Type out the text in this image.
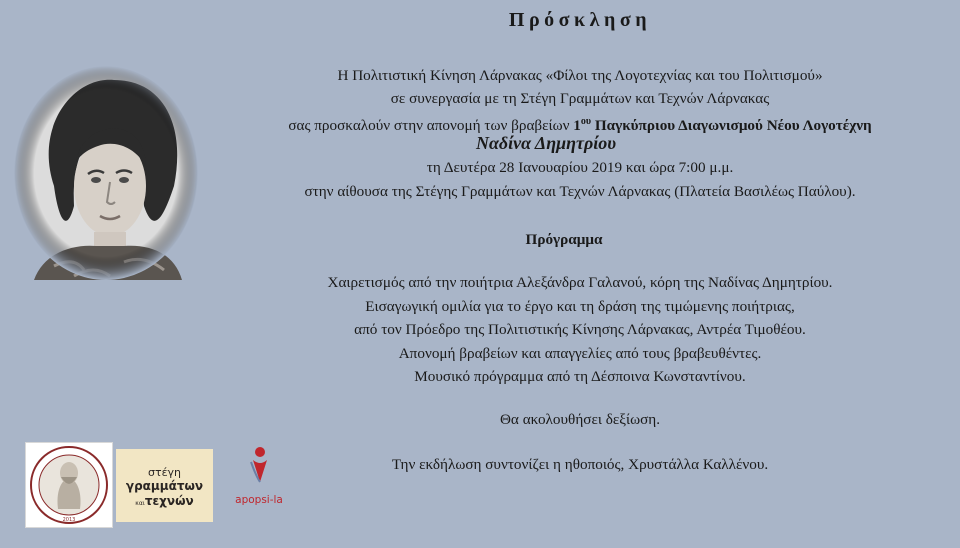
Πρόσκληση
Η Πολιτιστική Κίνηση Λάρνακας «Φίλοι της Λογοτεχνίας και του Πολιτισμού»
σε συνεργασία με τη Στέγη Γραμμάτων και Τεχνών Λάρνακας
σας προσκαλούν στην απονομή των βραβείων $1^{o\upsilon}$ Παγκύπριου Διαγωνισμού Νέου Λογοτέχνη
Ναδίνα Δημητρίου
τη Δευτέρα 28 Ιανουαρίου 2019 και ώρα 7:00 μ.μ.
στην αίθουσα της Στέγης Γραμμάτων και Τεχνών Λάρνακας (Πλατεία Βασιλέως Παύλου).
Πρόγραμμα
Χαιρετισμός από την ποιήτρια Αλεξάνδρα Γαλανού, κόρη της Ναδίνας Δημητρίου.
Εισαγωγική ομιλία για το έργο και τη δράση της τιμώμενης ποιήτριας,
από τον Πρόεδρο της Πολιτιστικής Κίνησης Λάρνακας, Αντρέα Τιμοθέου.
Απονομή βραβείων και απαγγελίες από τους βραβευθέντες.
Μουσικό πρόγραμμα από τη Δέσποινα Κωνσταντίνου.
Θα ακολουθήσει δεξίωση.
Την εκδήλωση συντονίζει η ηθοποιός, Χρυστάλλα Καλλένου.
2013
στέγη
γραμμάτων
καιτεχνών	apopsi-la
